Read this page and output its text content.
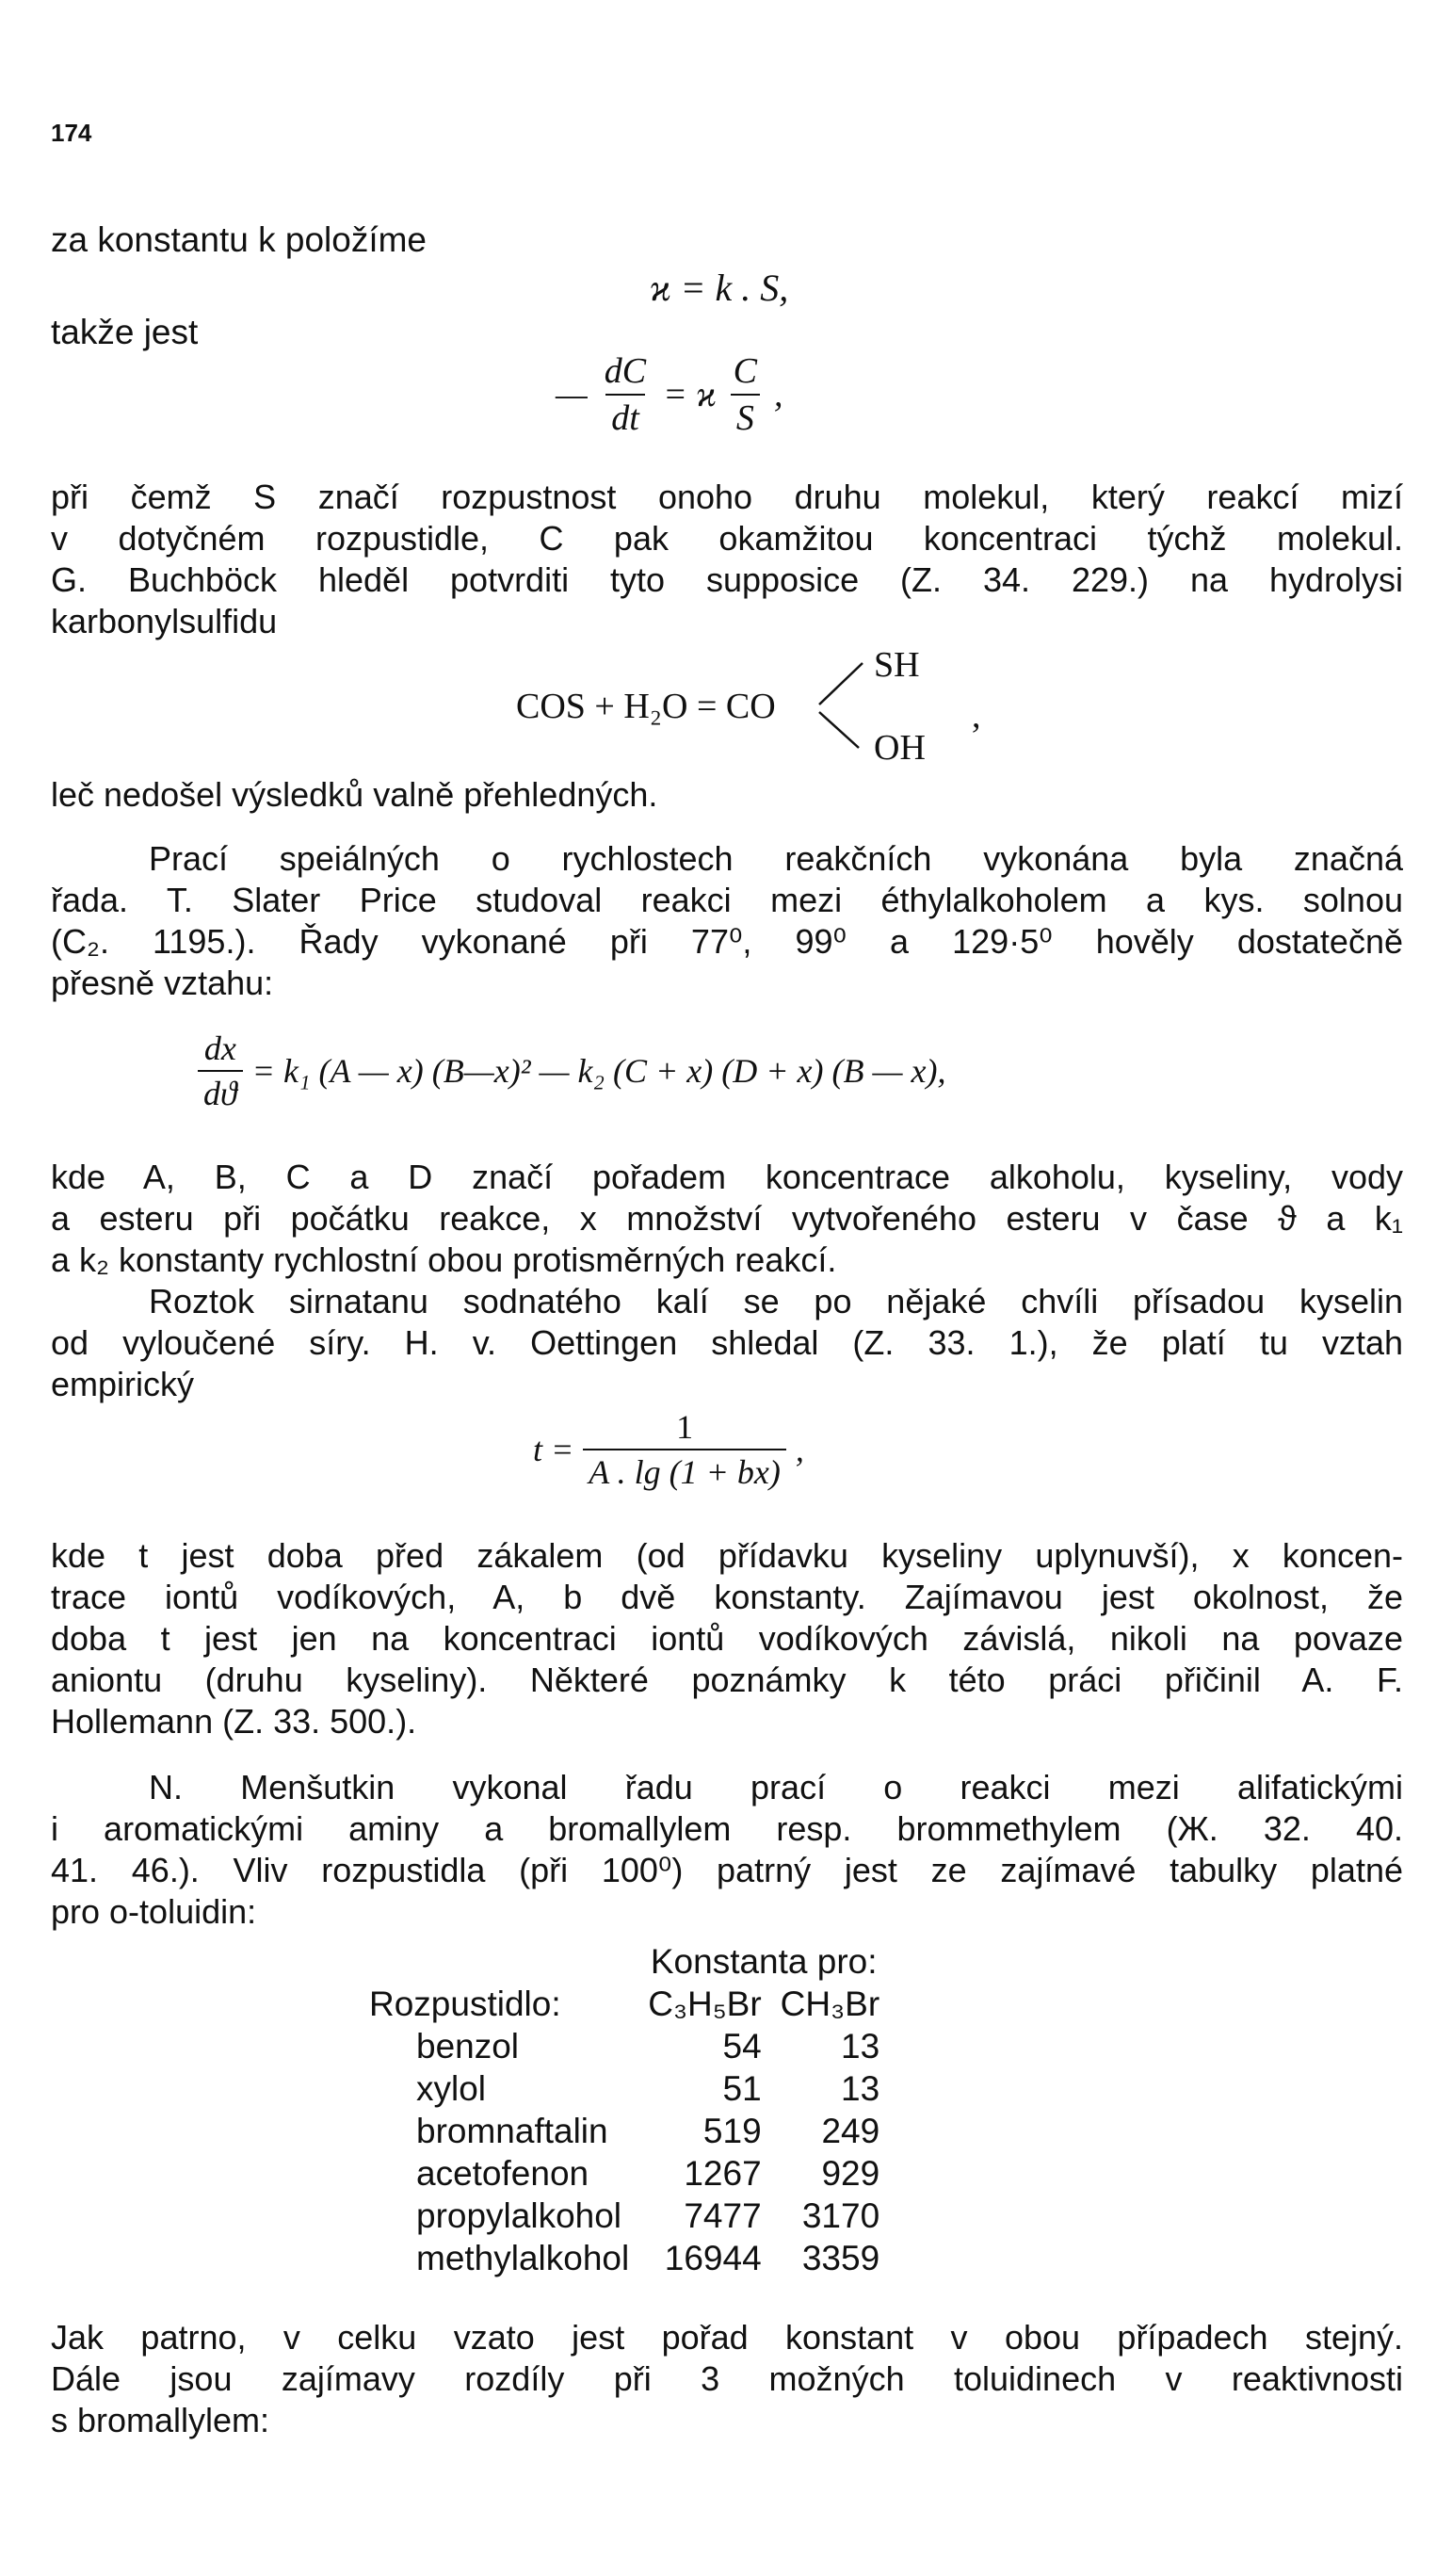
174
za konstantu k položíme
ϰ = k . S,
takže jest
— $\frac{dC}{dt} = ϰ \frac{C}{S}$ ,
při čemž S značí rozpustnost onoho druhu molekul, který reakcí mizí
v dotyčném rozpustidle, C pak okamžitou koncentraci týchž molekul.
G. Buchböck hleděl potvrditi tyto supposice (Z. 34. 229.) na hydrolysi
karbonylsulfidu
COS + H₂O = CO
SH
OH
,
leč nedošel výsledků valně přehledných.
Prací speiálných o rychlostech reakčních vykonána byla značná
řada. T. Slater Price studoval reakci mezi éthylalkoholem a kys. solnou
(C₂. 1195.). Řady vykonané při 77⁰, 99⁰ a 129·5⁰ hověly dostatečně
přesně vztahu:
$\frac{dx}{dϑ} = k_1$ (A — x) (B—x)² — k₂ (C + x) (D + x) (B — x),
kde A, B, C a D značí pořadem koncentrace alkoholu, kyseliny, vody
a esteru při počátku reakce, x množství vytvořeného esteru v čase ϑ a k₁
a k₂ konstanty rychlostní obou protisměrných reakcí.
Roztok sirnatanu sodnatého kalí se po nějaké chvíli přísadou kyselin
od vyloučené síry. H. v. Oettingen shledal (Z. 33. 1.), že platí tu vztah
empirický
$t = \frac{1}{A . \lg (1 + bx)}$ ,
kde t jest doba před zákalem (od přídavku kyseliny uplynuvší), x koncen-
trace iontů vodíkových, A, b dvě konstanty. Zajímavou jest okolnost, že
doba t jest jen na koncentraci iontů vodíkových závislá, nikoli na povaze
aniontu (druhu kyseliny). Některé poznámky k této práci přičinil A. F.
Hollemann (Z. 33. 500.).
N. Menšutkin vykonal řadu prací o reakci mezi alifatickými
i aromatickými aminy a bromallylem resp. brommethylem (Ж. 32. 40.
41. 46.). Vliv rozpustidla (při 100⁰) patrný jest ze zajímavé tabulky platné
pro o-toluidin:
	Konstanta pro:	
Rozpustidlo:	C₃H₅Br	CH₃Br
benzol	54	13
xylol	51	13
bromnaftalin	519	249
acetofenon	1267	929
propylalkohol	7477	3170
methylalkohol	16944	3359
Jak patrno, v celku vzato jest pořad konstant v obou případech stejný.
Dále jsou zajímavy rozdíly při 3 možných toluidinech v reaktivnosti
s bromallylem:
